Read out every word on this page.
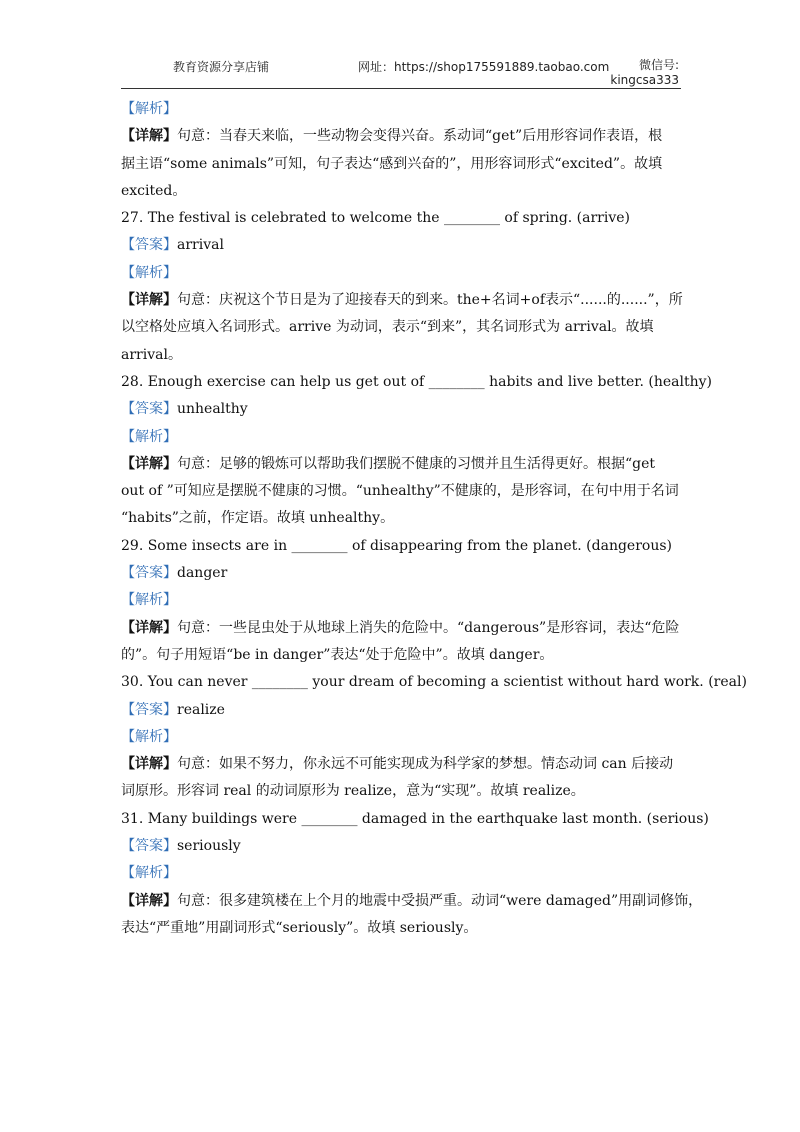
教育资源分享店铺	网址：https://shop175591889.taobao.com	微信号:
kingcsa333
【解析】
【详解】句意：当春天来临，一些动物会变得兴奋。系动词“get”后用形容词作表语，根
据主语“some animals”可知，句子表达“感到兴奋的”，用形容词形式“excited”。故填
excited。
27. The festival is celebrated to welcome the ________ of spring. (arrive)
【答案】arrival
【解析】
【详解】句意：庆祝这个节日是为了迎接春天的到来。the+名词+of表示“......的......”，所
以空格处应填入名词形式。arrive 为动词，表示“到来”，其名词形式为 arrival。故填
arrival。
28. Enough exercise can help us get out of ________ habits and live better. (healthy)
【答案】unhealthy
【解析】
【详解】句意：足够的锻炼可以帮助我们摆脱不健康的习惯并且生活得更好。根据“get
out of ”可知应是摆脱不健康的习惯。“unhealthy”不健康的，是形容词，在句中用于名词
“habits”之前，作定语。故填 unhealthy。
29. Some insects are in ________ of disappearing from the planet. (dangerous)
【答案】danger
【解析】
【详解】句意：一些昆虫处于从地球上消失的危险中。“dangerous”是形容词，表达“危险
的”。句子用短语“be in danger”表达“处于危险中”。故填 danger。
30. You can never ________ your dream of becoming a scientist without hard work. (real)
【答案】realize
【解析】
【详解】句意：如果不努力，你永远不可能实现成为科学家的梦想。情态动词 can 后接动
词原形。形容词 real 的动词原形为 realize，意为“实现”。故填 realize。
31. Many buildings were ________ damaged in the earthquake last month. (serious)
【答案】seriously
【解析】
【详解】句意：很多建筑楼在上个月的地震中受损严重。动词“were damaged”用副词修饰，
表达“严重地”用副词形式“seriously”。故填 seriously。
